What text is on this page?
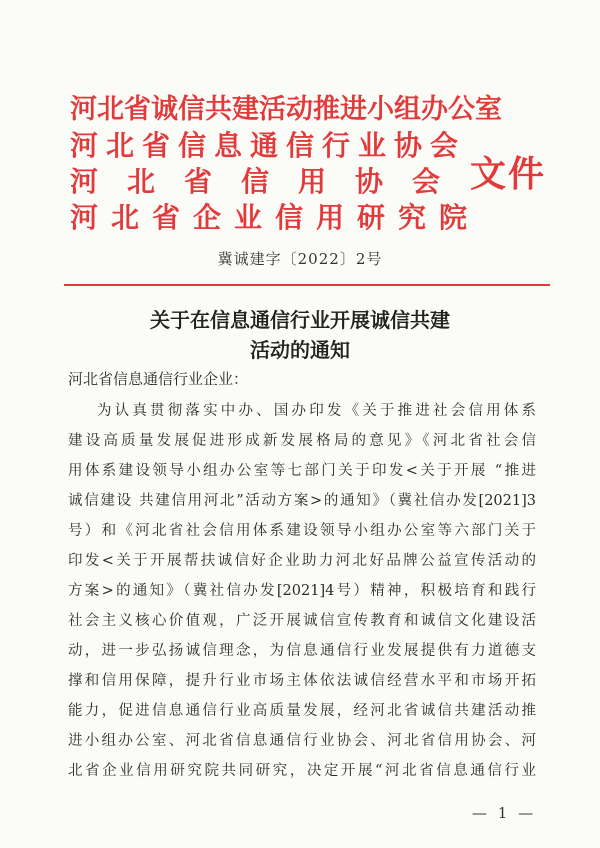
河北省诚信共建活动推进小组办公室
河北省信息通信行业协会
河北省信用协会
河北省企业信用研究院
文件
冀诚建字〔2022〕2号
关于在信息通信行业开展诚信共建
活动的通知
河北省信息通信行业企业：
为认真贯彻落实中办、国办印发《关于推进社会信用体系
建设高质量发展促进形成新发展格局的意见》《河北省社会信
用体系建设领导小组办公室等七部门关于印发<关于开展 “推进
诚信建设 共建信用河北”活动方案>的通知》（冀社信办发[2021]3
号）和《河北省社会信用体系建设领导小组办公室等六部门关于
印发<关于开展帮扶诚信好企业助力河北好品牌公益宣传活动的
方案>的通知》（冀社信办发[2021]4号）精神，积极培育和践行
社会主义核心价值观，广泛开展诚信宣传教育和诚信文化建设活
动，进一步弘扬诚信理念，为信息通信行业发展提供有力道德支
撑和信用保障，提升行业市场主体依法诚信经营水平和市场开拓
能力，促进信息通信行业高质量发展，经河北省诚信共建活动推
进小组办公室、河北省信息通信行业协会、河北省信用协会、河
北省企业信用研究院共同研究，决定开展“河北省信息通信行业
— 1 —
